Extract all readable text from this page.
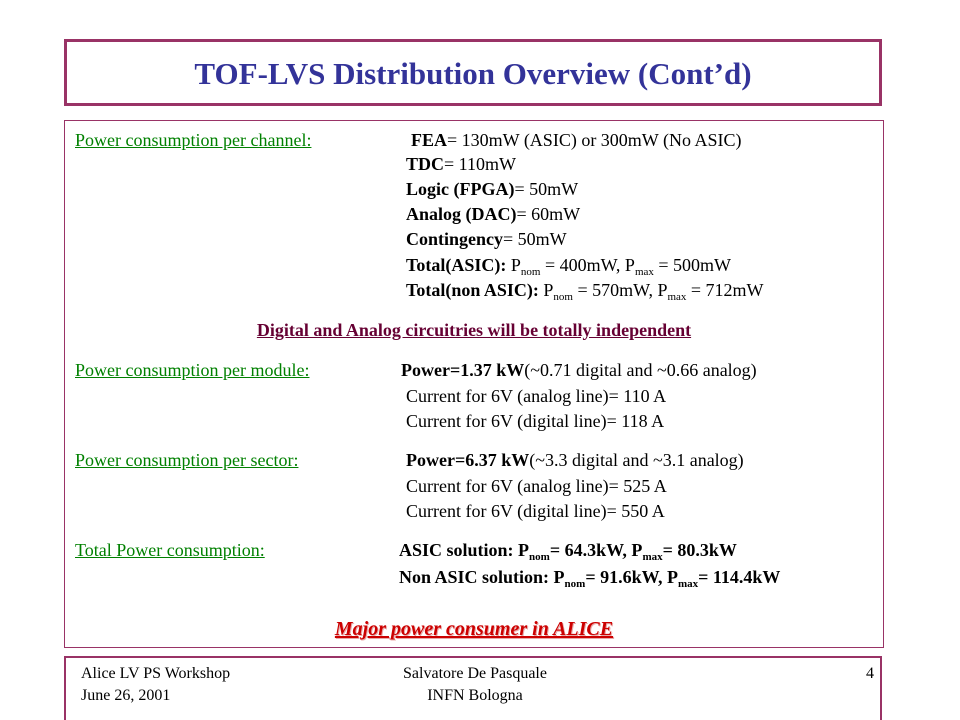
TOF-LVS Distribution Overview (Cont’d)
Power consumption per channel:	FEA= 130mW (ASIC) or 300mW (No ASIC)
TDC= 110mW
Logic (FPGA)= 50mW
Analog (DAC)= 60mW
Contingency= 50mW
Total(ASIC): $P_{nom} = 400mW$, $P_{max} = 500mW$
Total(non ASIC): $P_{nom} = 570mW$, $P_{max} = 712mW$
Digital and Analog circuitries will be totally independent
Power consumption per module:	Power=1.37 kW(~0.71 digital and ~0.66 analog)
Current for 6V (analog line)= 110 A
Current for 6V (digital line)= 118 A
Power consumption per sector:	Power=6.37 kW(~3.3 digital and ~3.1 analog)
Current for 6V (analog line)= 525 A
Current for 6V (digital line)= 550 A
Total Power consumption:	ASIC solution: $P_{nom}= 64.3kW$, $P_{max}= 80.3kW$
Non ASIC solution: $P_{nom}= 91.6kW$, $P_{max}= 114.4kW$
Major power consumer in ALICE
Alice LV PS Workshop
June 26, 2001
Salvatore De Pasquale
INFN Bologna
4
